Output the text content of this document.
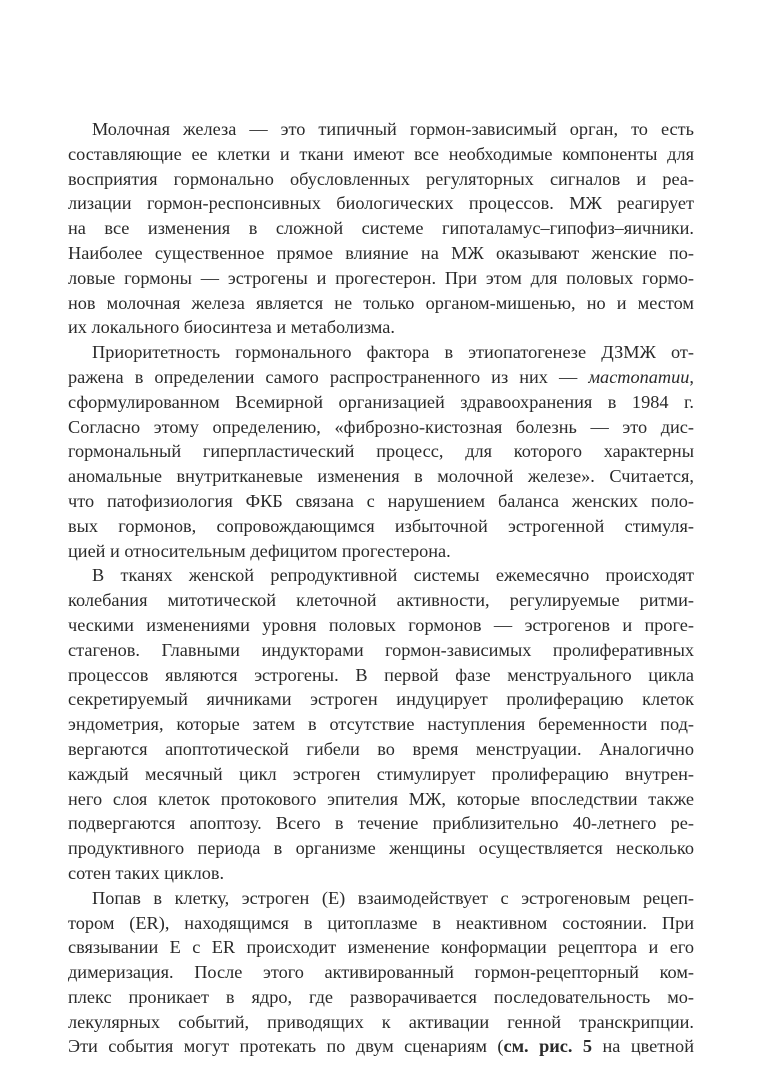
Молочная железа — это типичный гормон-зависимый орган, то есть
составляющие ее клетки и ткани имеют все необходимые компоненты для
восприятия гормонально обусловленных регуляторных сигналов и реа-
лизации гормон-респонсивных биологических процессов. МЖ реагирует
на все изменения в сложной системе гипоталамус–гипофиз–яичники.
Наиболее существенное прямое влияние на МЖ оказывают женские по-
ловые гормоны — эстрогены и прогестерон. При этом для половых гормо-
нов молочная железа является не только органом-мишенью, но и местом
их локального биосинтеза и метаболизма.
Приоритетность гормонального фактора в этиопатогенезе ДЗМЖ от-
ражена в определении самого распространенного из них — мастопатии,
сформулированном Всемирной организацией здравоохранения в 1984 г.
Согласно этому определению, «фиброзно-кистозная болезнь — это дис-
гормональный гиперпластический процесс, для которого характерны
аномальные внутритканевые изменения в молочной железе». Считается,
что патофизиология ФКБ связана с нарушением баланса женских поло-
вых гормонов, сопровождающимся избыточной эстрогенной стимуля-
цией и относительным дефицитом прогестерона.
В тканях женской репродуктивной системы ежемесячно происходят
колебания митотической клеточной активности, регулируемые ритми-
ческими изменениями уровня половых гормонов — эстрогенов и проге-
стагенов. Главными индукторами гормон-зависимых пролиферативных
процессов являются эстрогены. В первой фазе менструального цикла
секретируемый яичниками эстроген индуцирует пролиферацию клеток
эндометрия, которые затем в отсутствие наступления беременности под-
вергаются апоптотической гибели во время менструации. Аналогично
каждый месячный цикл эстроген стимулирует пролиферацию внутрен-
него слоя клеток протокового эпителия МЖ, которые впоследствии также
подвергаются апоптозу. Всего в течение приблизительно 40-летнего ре-
продуктивного периода в организме женщины осуществляется несколько
сотен таких циклов.
Попав в клетку, эстроген (Е) взаимодействует с эстрогеновым рецеп-
тором (ER), находящимся в цитоплазме в неактивном состоянии. При
связывании Е с ER происходит изменение конформации рецептора и его
димеризация. После этого активированный гормон-рецепторный ком-
плекс проникает в ядро, где разворачивается последовательность мо-
лекулярных событий, приводящих к активации генной транскрипции.
Эти события могут протекать по двум сценариям (см. рис. 5 на цветной
